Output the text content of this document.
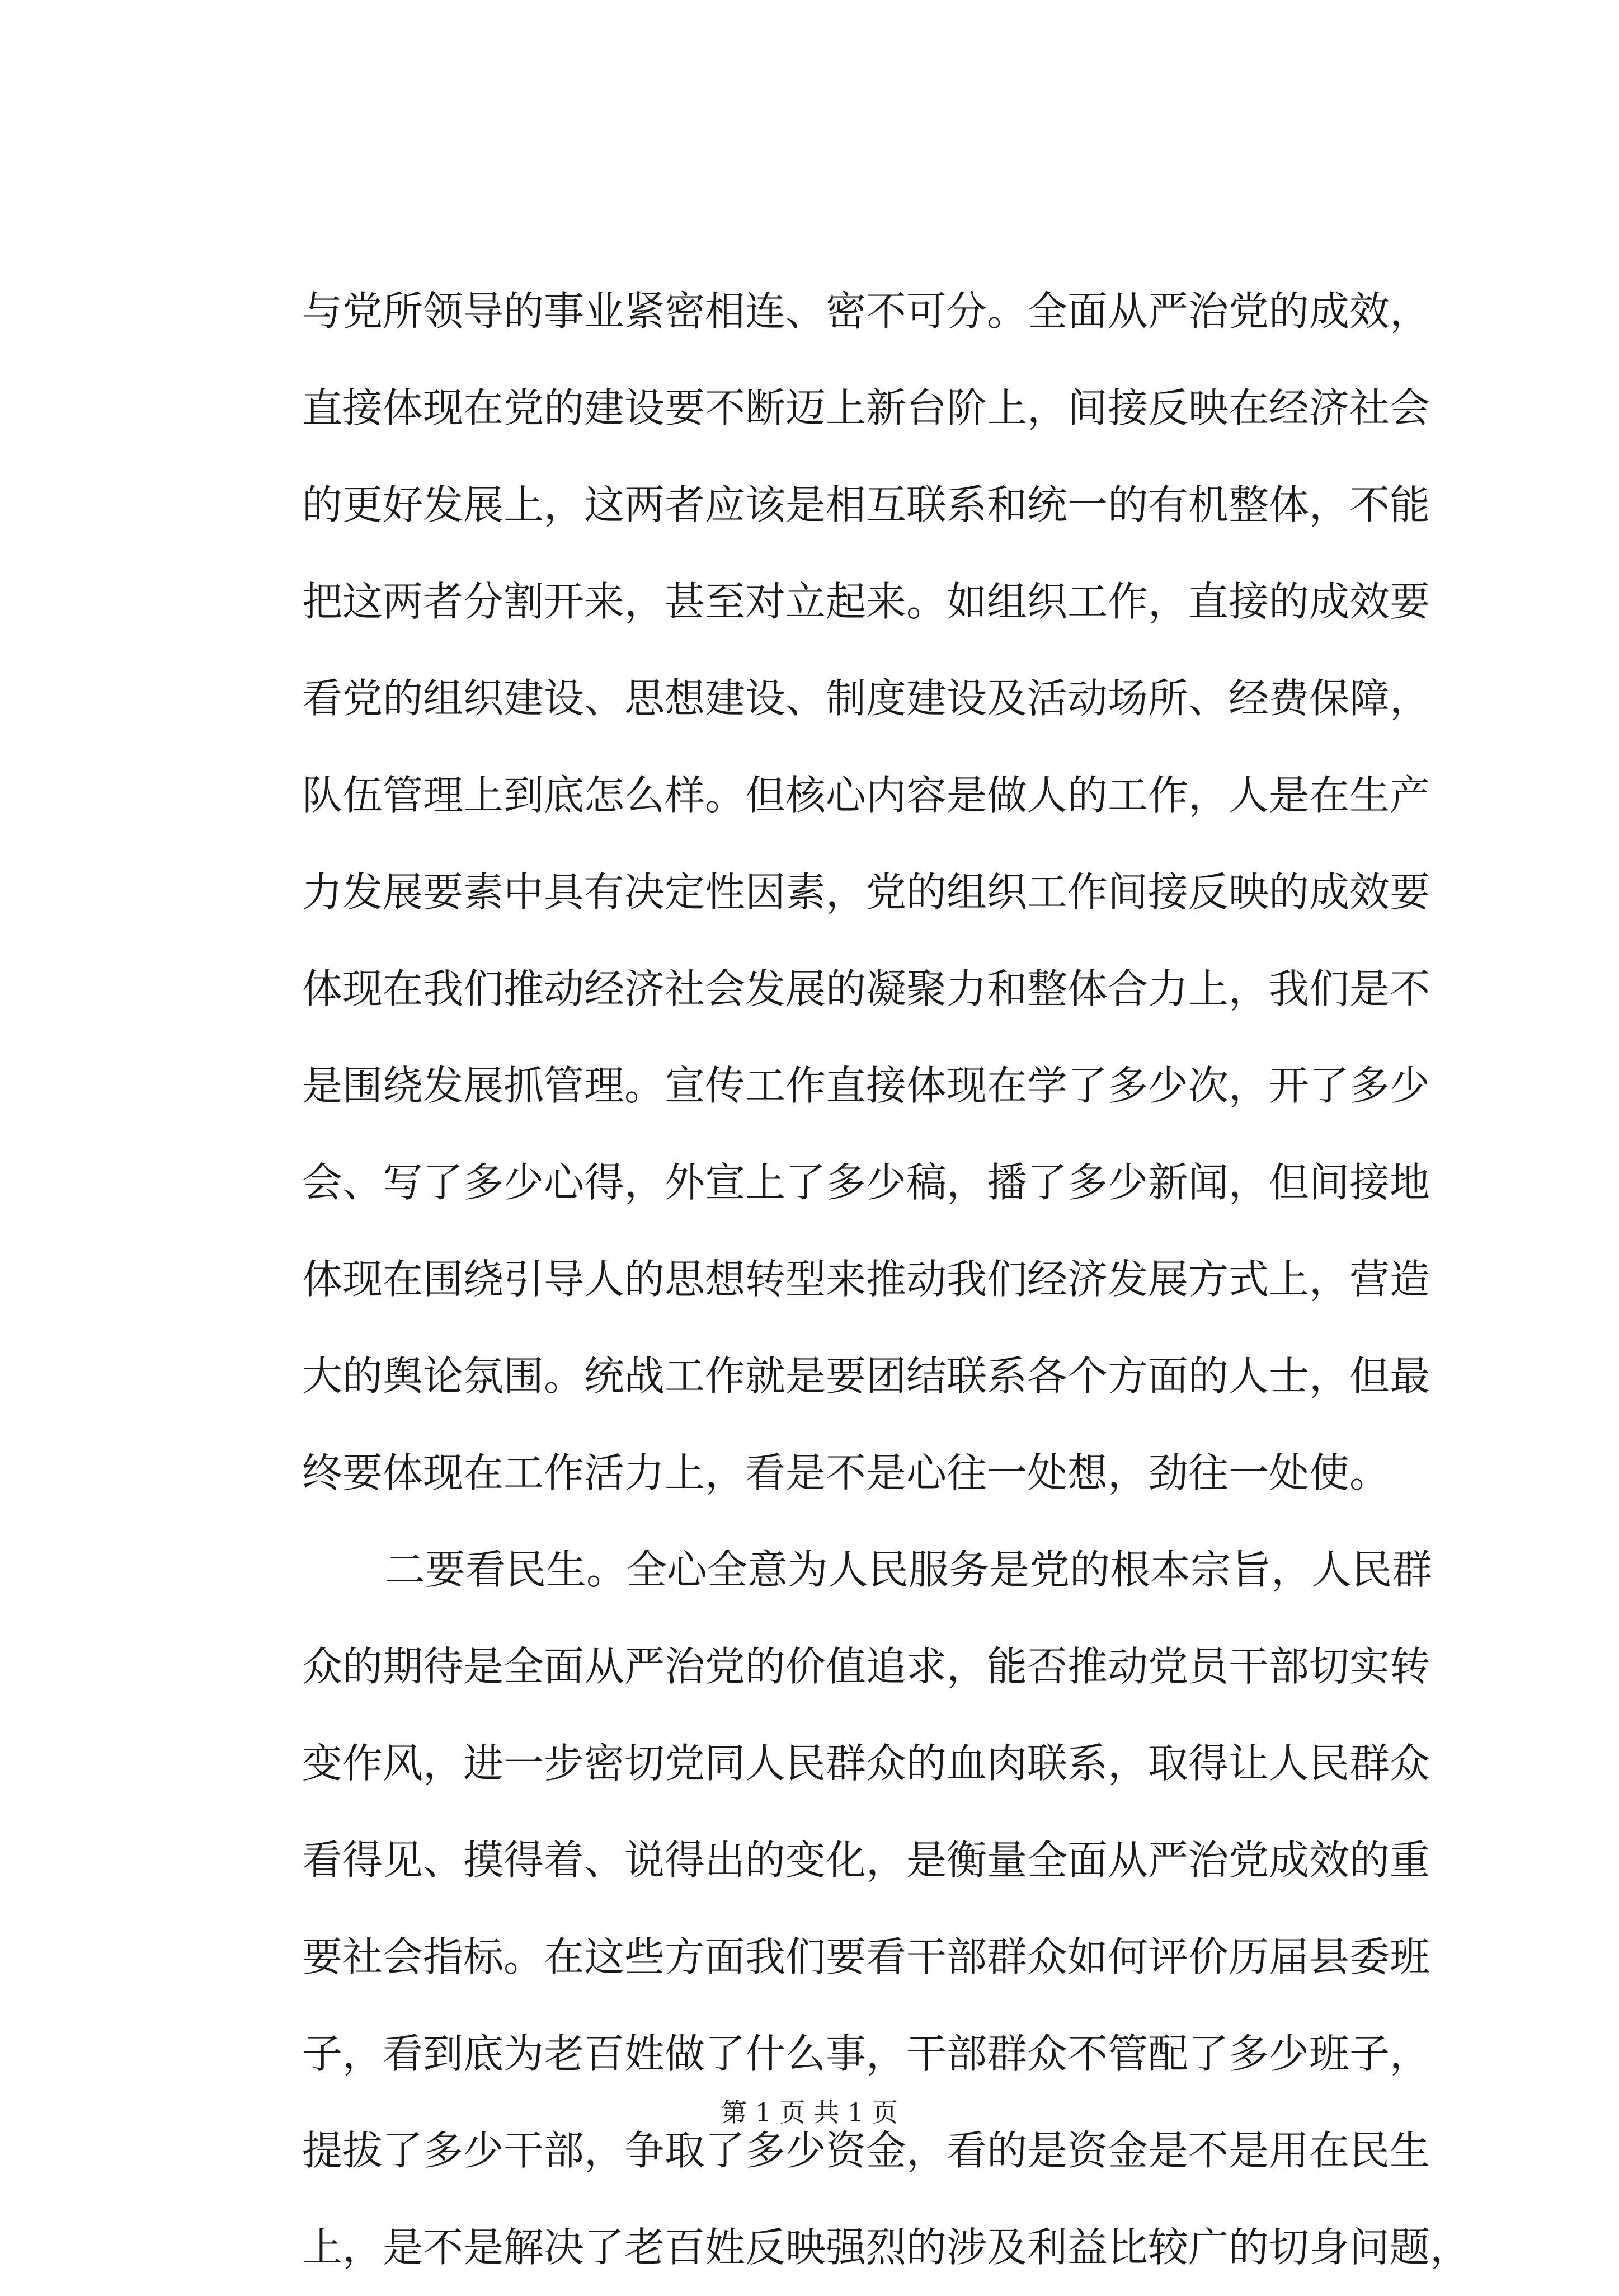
与党所领导的事业紧密相连、密不可分。全面从严治党的成效，
直接体现在党的建设要不断迈上新台阶上，间接反映在经济社会
的更好发展上，这两者应该是相互联系和统一的有机整体，不能
把这两者分割开来，甚至对立起来。如组织工作，直接的成效要
看党的组织建设、思想建设、制度建设及活动场所、经费保障，
队伍管理上到底怎么样。但核心内容是做人的工作，人是在生产
力发展要素中具有决定性因素，党的组织工作间接反映的成效要
体现在我们推动经济社会发展的凝聚力和整体合力上，我们是不
是围绕发展抓管理。宣传工作直接体现在学了多少次，开了多少
会、写了多少心得，外宣上了多少稿，播了多少新闻，但间接地
体现在围绕引导人的思想转型来推动我们经济发展方式上，营造
大的舆论氛围。统战工作就是要团结联系各个方面的人士，但最
终要体现在工作活力上，看是不是心往一处想，劲往一处使。
二要看民生。全心全意为人民服务是党的根本宗旨，人民群
众的期待是全面从严治党的价值追求，能否推动党员干部切实转
变作风，进一步密切党同人民群众的血肉联系，取得让人民群众
看得见、摸得着、说得出的变化，是衡量全面从严治党成效的重
要社会指标。在这些方面我们要看干部群众如何评价历届县委班
子，看到底为老百姓做了什么事，干部群众不管配了多少班子，
提拔了多少干部，争取了多少资金，看的是资金是不是用在民生
上，是不是解决了老百姓反映强烈的涉及利益比较广的切身问题，
第 1 页 共 1 页
